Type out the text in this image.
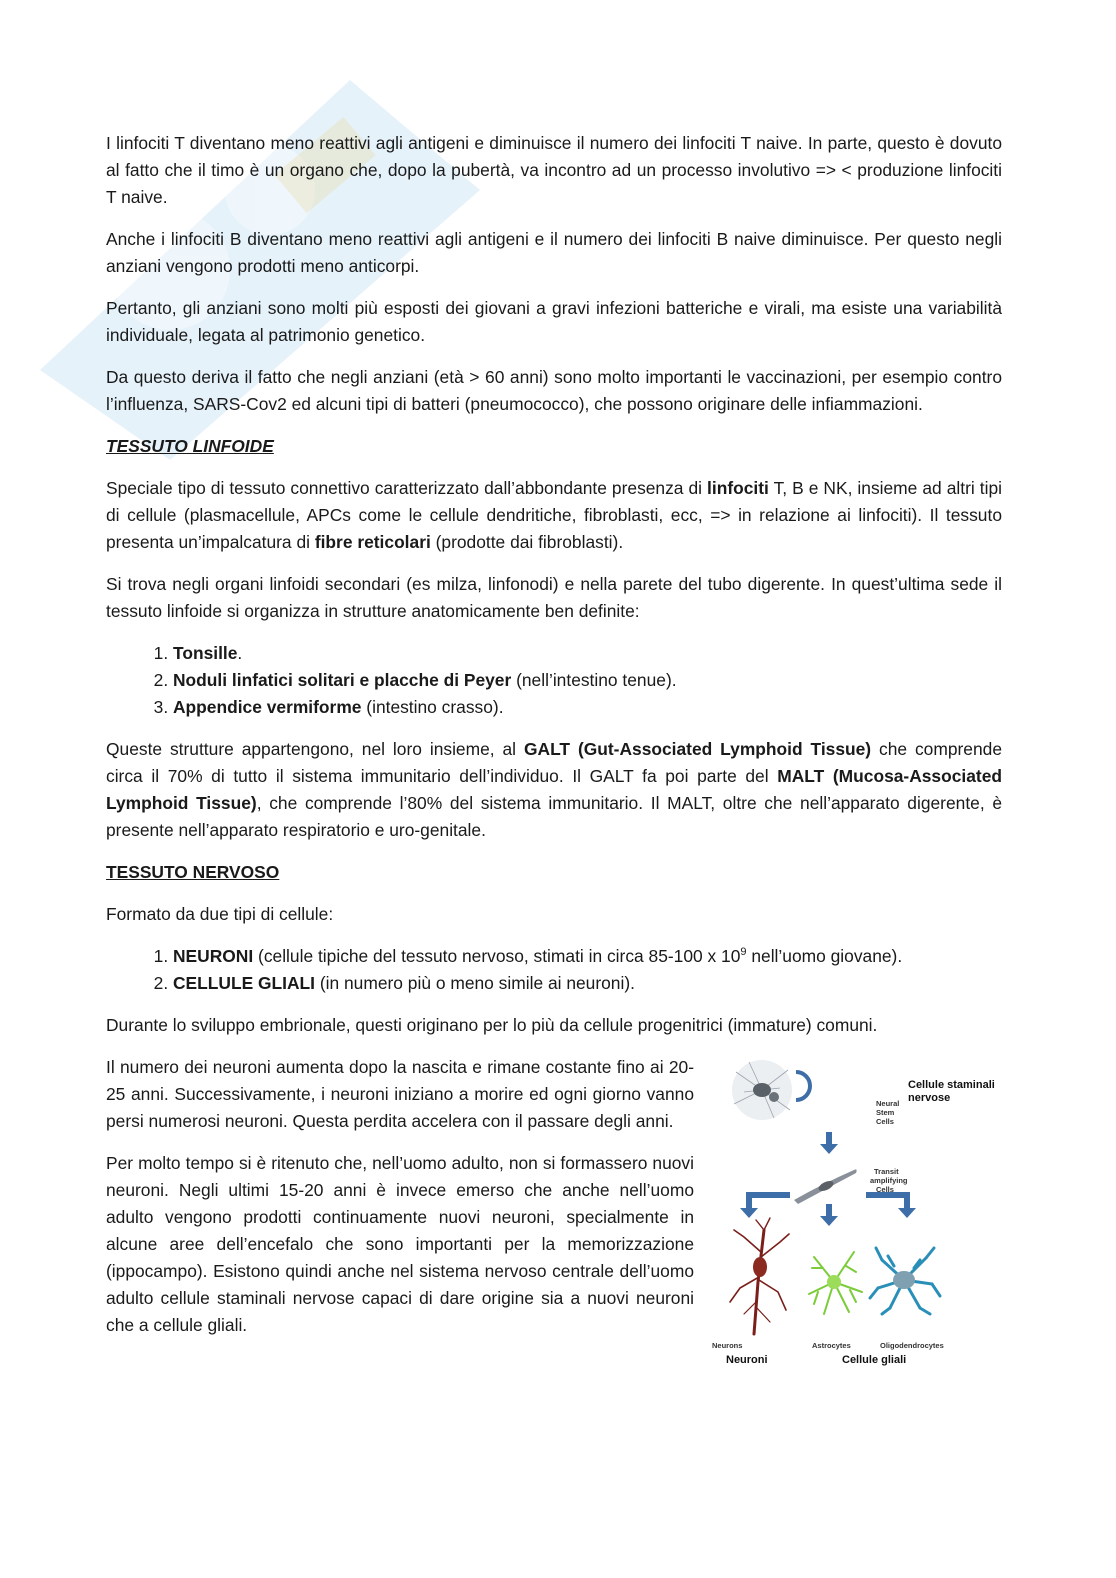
I linfociti T diventano meno reattivi agli antigeni e diminuisce il numero dei linfociti T naive. In parte, questo è dovuto al fatto che il timo è un organo che, dopo la pubertà, va incontro ad un processo involutivo => < produzione linfociti T naive.

Anche i linfociti B diventano meno reattivi agli antigeni e il numero dei linfociti B naive diminuisce. Per questo negli anziani vengono prodotti meno anticorpi.

Pertanto, gli anziani sono molti più esposti dei giovani a gravi infezioni batteriche e virali, ma esiste una variabilità individuale, legata al patrimonio genetico.

Da questo deriva il fatto che negli anziani (età > 60 anni) sono molto importanti le vaccinazioni, per esempio contro l’influenza, SARS-Cov2 ed alcuni tipi di batteri (pneumococco), che possono originare delle infiammazioni.

TESSUTO LINFOIDE

Speciale tipo di tessuto connettivo caratterizzato dall’abbondante presenza di linfociti T, B e NK, insieme ad altri tipi di cellule (plasmacellule, APCs come le cellule dendritiche, fibroblasti, ecc, => in relazione ai linfociti). Il tessuto presenta un’impalcatura di fibre reticolari (prodotte dai fibroblasti).

Si trova negli organi linfoidi secondari (es milza, linfonodi) e nella parete del tubo digerente. In quest’ultima sede il tessuto linfoide si organizza in strutture anatomicamente ben definite:

1. Tonsille.
2. Noduli linfatici solitari e placche di Peyer (nell’intestino tenue).
3. Appendice vermiforme (intestino crasso).

Queste strutture appartengono, nel loro insieme, al GALT (Gut-Associated Lymphoid Tissue) che comprende circa il 70% di tutto il sistema immunitario dell’individuo. Il GALT fa poi parte del MALT (Mucosa-Associated Lymphoid Tissue), che comprende l’80% del sistema immunitario. Il MALT, oltre che nell’apparato digerente, è presente nell’apparato respiratorio e uro-genitale.

TESSUTO NERVOSO

Formato da due tipi di cellule:

1. NEURONI (cellule tipiche del tessuto nervoso, stimati in circa 85-100 x $10^9$ nell’uomo giovane).
2. CELLULE GLIALI (in numero più o meno simile ai neuroni).

Durante lo sviluppo embrionale, questi originano per lo più da cellule progenitrici (immature) comuni.

Il numero dei neuroni aumenta dopo la nascita e rimane costante fino ai 20-25 anni. Successivamente, i neuroni iniziano a morire ed ogni giorno vanno persi numerosi neuroni. Questa perdita accelera con il passare degli anni.

Per molto tempo si è ritenuto che, nell’uomo adulto, non si formassero nuovi neuroni. Negli ultimi 15-20 anni è invece emerso che anche nell’uomo adulto vengono prodotti continuamente nuovi neuroni, specialmente in alcune aree dell’encefalo che sono importanti per la memorizzazione (ippocampo). Esistono quindi anche nel sistema nervoso centrale dell’uomo adulto cellule staminali nervose capaci di dare origine sia a nuovi neuroni che a cellule gliali.

Cellule staminali
nervose
Neural
Stem
Cells
Transit
amplifying
Cells
Neurons	Astrocytes	Oligodendrocytes
Neuroni	Cellule gliali
